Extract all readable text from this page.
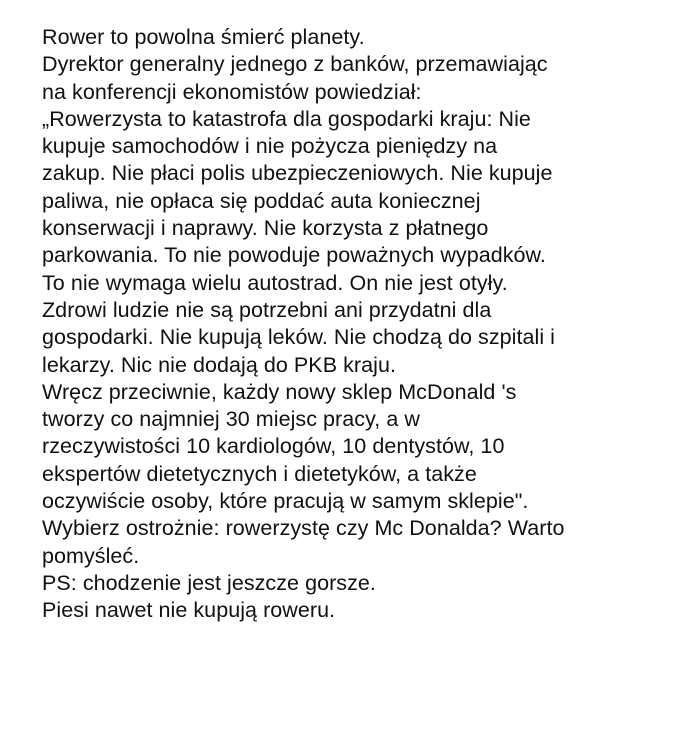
Rower to powolna śmierć planety.
Dyrektor generalny jednego z banków, przemawiając
na konferencji ekonomistów powiedział:
„Rowerzysta to katastrofa dla gospodarki kraju: Nie
kupuje samochodów i nie pożycza pieniędzy na
zakup. Nie płaci polis ubezpieczeniowych. Nie kupuje
paliwa, nie opłaca się poddać auta koniecznej
konserwacji i naprawy. Nie korzysta z płatnego
parkowania. To nie powoduje poważnych wypadków.
To nie wymaga wielu autostrad. On nie jest otyły.
Zdrowi ludzie nie są potrzebni ani przydatni dla
gospodarki. Nie kupują leków. Nie chodzą do szpitali i
lekarzy. Nic nie dodają do PKB kraju.
Wręcz przeciwnie, każdy nowy sklep McDonald 's
tworzy co najmniej 30 miejsc pracy, a w
rzeczywistości 10 kardiologów, 10 dentystów, 10
ekspertów dietetycznych i dietetyków, a także
oczywiście osoby, które pracują w samym sklepie".
Wybierz ostrożnie: rowerzystę czy Mc Donalda? Warto
pomyśleć.
PS: chodzenie jest jeszcze gorsze.
Piesi nawet nie kupują roweru.
